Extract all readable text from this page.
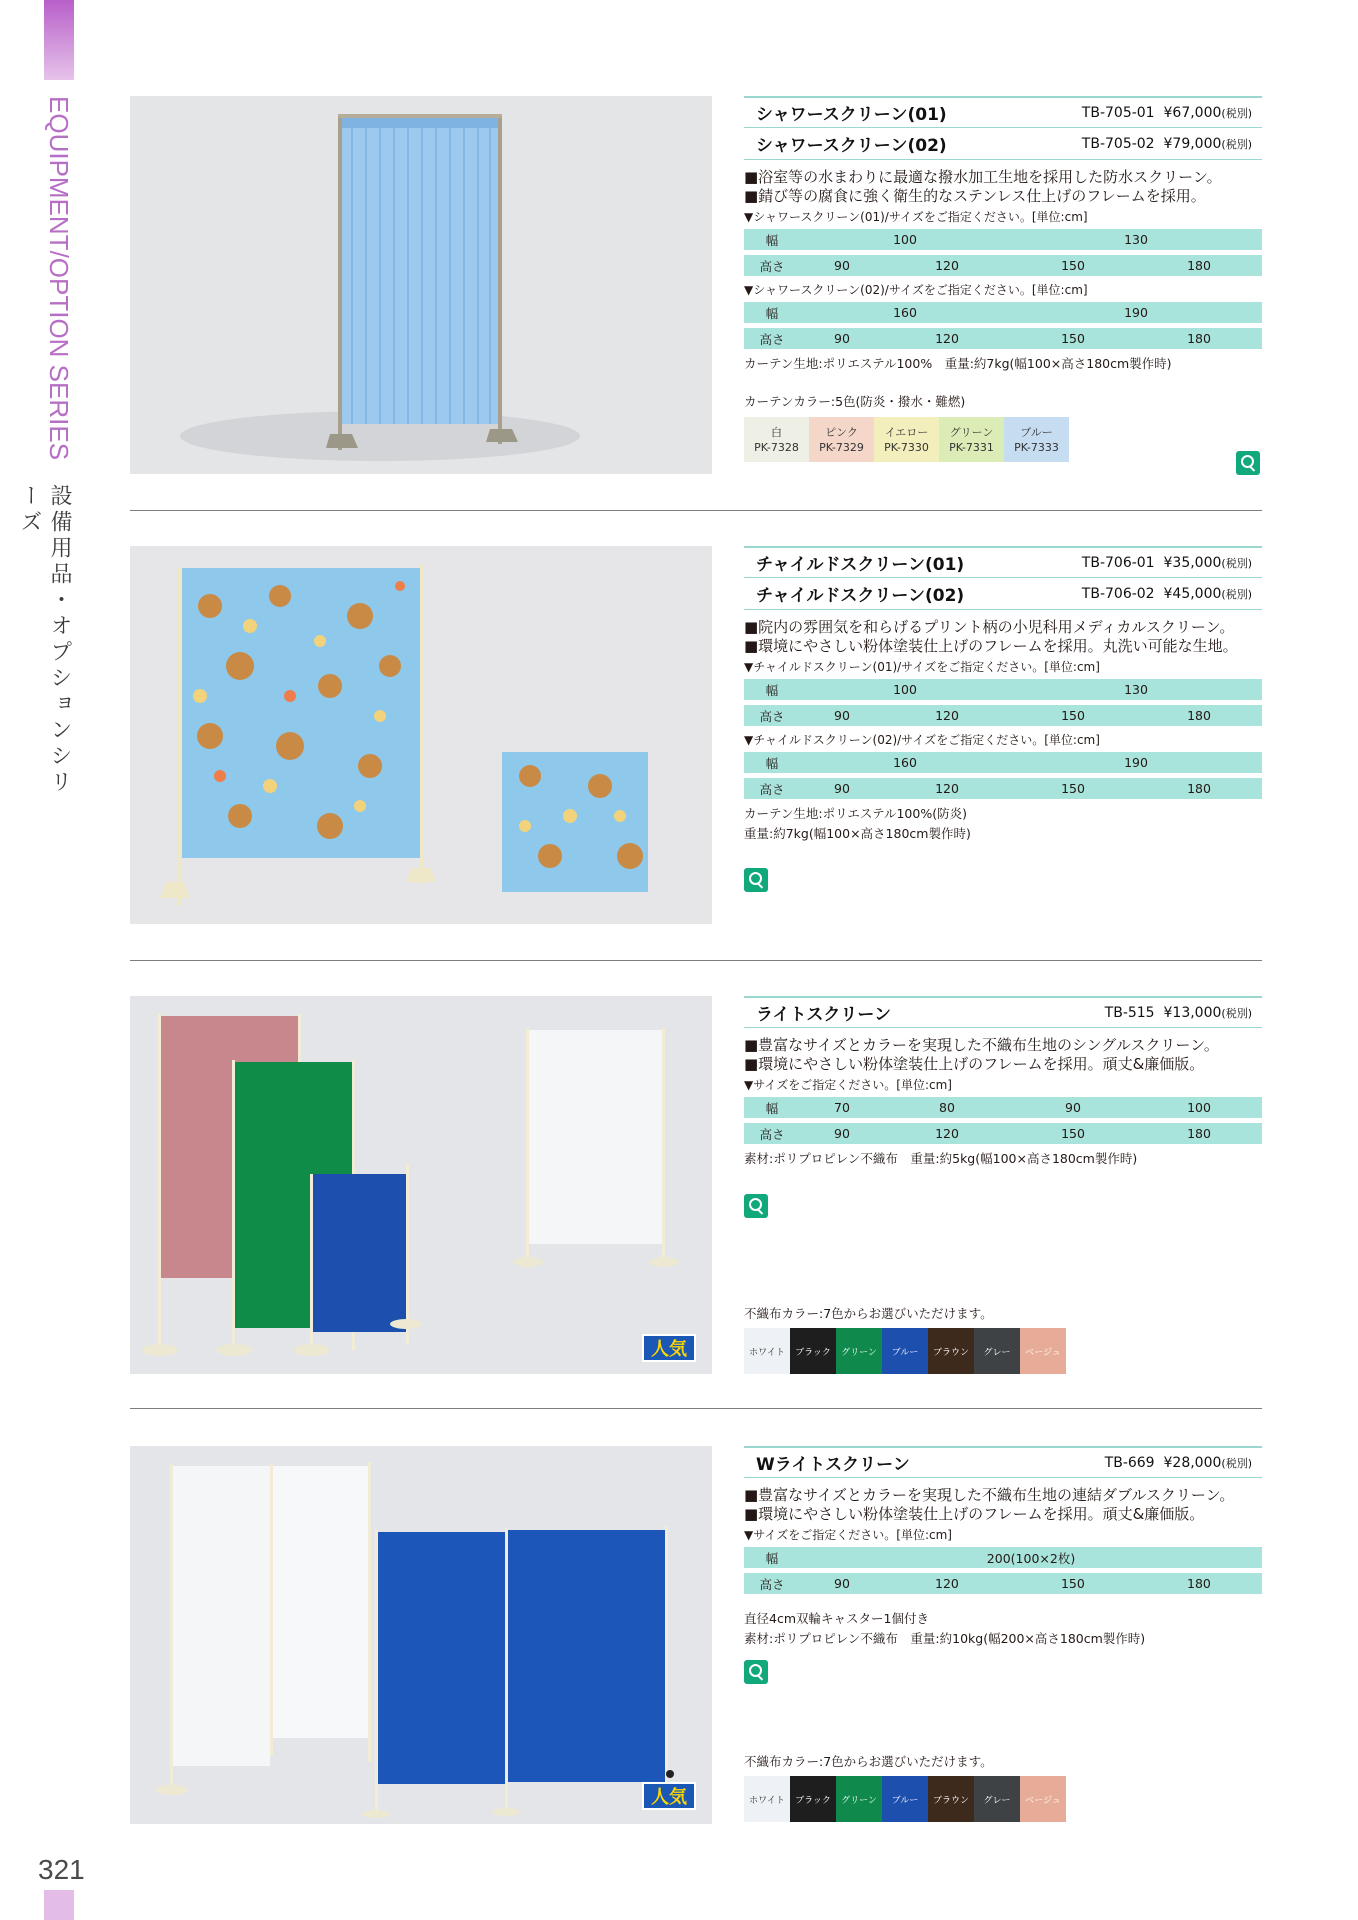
EQUIPMENT/OPTION SERIES
設備用品・オプションシリーズ
321
シャワースクリーン(01)	TB-705-01 ¥67,000(税別)
シャワースクリーン(02)	TB-705-02 ¥79,000(税別)
■浴室等の水まわりに最適な撥水加工生地を採用した防水スクリーン。
■錆び等の腐食に強く衛生的なステンレス仕上げのフレームを採用。
▼シャワースクリーン(01)/サイズをご指定ください。[単位:cm]
幅	100		130	
高さ	90	120	150	180
▼シャワースクリーン(02)/サイズをご指定ください。[単位:cm]
幅	160		190	
高さ	90	120	150	180
カーテン生地:ポリエステル100%　重量:約7kg(幅100×高さ180cm製作時)
カーテンカラー:5色(防炎・撥水・難燃)
白
PK-7328
ピンク
PK-7329
イエロー
PK-7330
グリーン
PK-7331
ブルー
PK-7333
チャイルドスクリーン(01)	TB-706-01 ¥35,000(税別)
チャイルドスクリーン(02)	TB-706-02 ¥45,000(税別)
■院内の雰囲気を和らげるプリント柄の小児科用メディカルスクリーン。
■環境にやさしい粉体塗装仕上げのフレームを採用。丸洗い可能な生地。
▼チャイルドスクリーン(01)/サイズをご指定ください。[単位:cm]
幅	100		130	
高さ	90	120	150	180
▼チャイルドスクリーン(02)/サイズをご指定ください。[単位:cm]
幅	160		190	
高さ	90	120	150	180
カーテン生地:ポリエステル100%(防炎)
重量:約7kg(幅100×高さ180cm製作時)
人気
ライトスクリーン	TB-515 ¥13,000(税別)
■豊富なサイズとカラーを実現した不織布生地のシングルスクリーン。
■環境にやさしい粉体塗装仕上げのフレームを採用。頑丈&廉価版。
▼サイズをご指定ください。[単位:cm]
幅	70	80	90	100
高さ	90	120	150	180
素材:ポリプロピレン不織布　重量:約5kg(幅100×高さ180cm製作時)
不織布カラー:7色からお選びいただけます。
ホワイト	ブラック	グリーン	ブルー	ブラウン	グレー	ベージュ
人気
Wライトスクリーン	TB-669 ¥28,000(税別)
■豊富なサイズとカラーを実現した不織布生地の連結ダブルスクリーン。
■環境にやさしい粉体塗装仕上げのフレームを採用。頑丈&廉価版。
▼サイズをご指定ください。[単位:cm]
幅	200(100×2枚)			
高さ	90	120	150	180
直径4cm双輪キャスター1個付き
素材:ポリプロピレン不織布　重量:約10kg(幅200×高さ180cm製作時)
不織布カラー:7色からお選びいただけます。
ホワイト	ブラック	グリーン	ブルー	ブラウン	グレー	ベージュ
